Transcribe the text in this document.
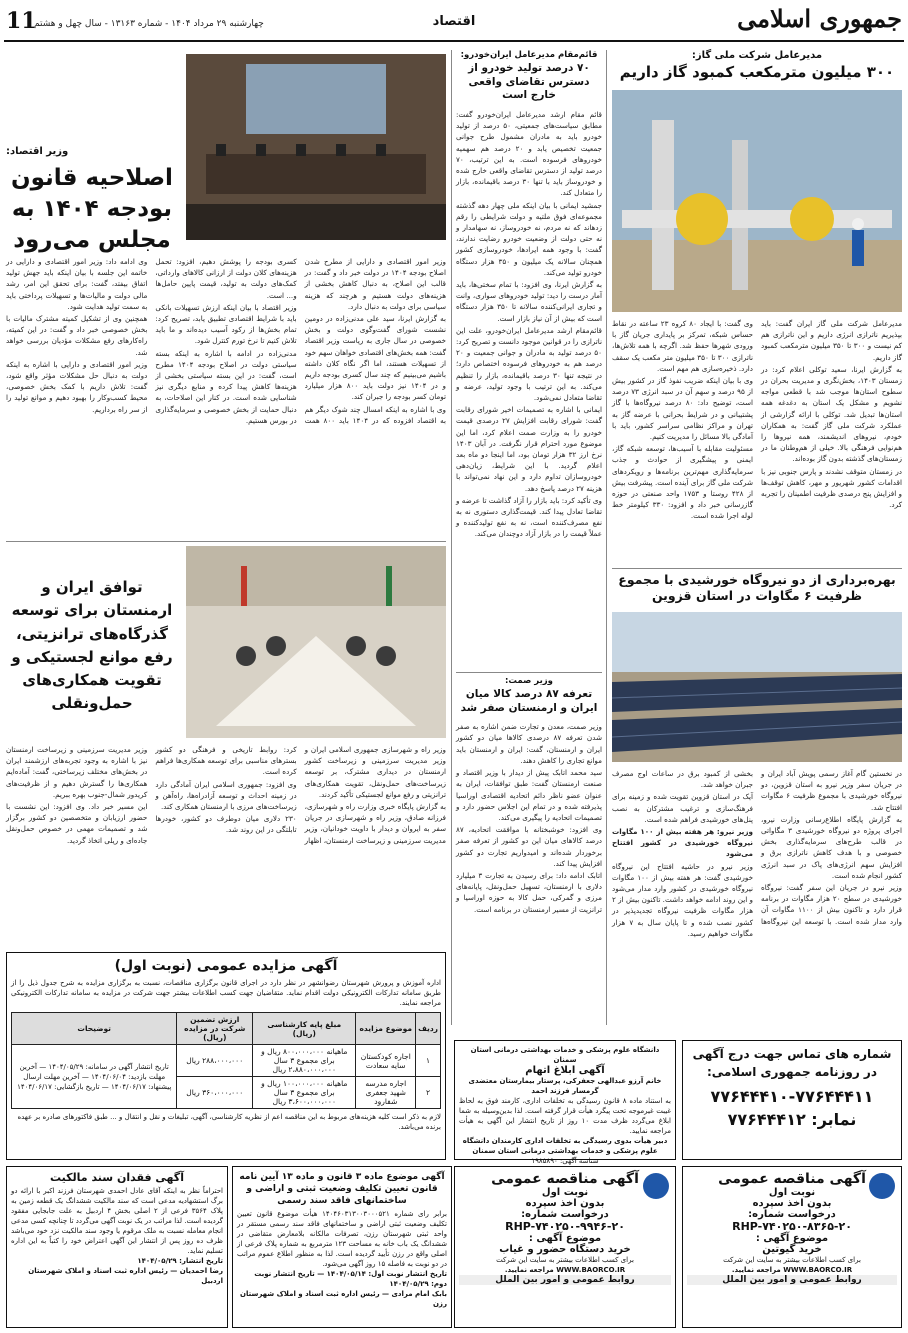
جمهوری اسلامی
اقتصاد
چهارشنبه ۲۹ مرداد ۱۴۰۴ - شماره ۱۳۱۶۳ - سال چهل و هشتم
11
مدیرعامل شرکت ملی گاز:
۳۰۰ میلیون مترمکعب کمبود گاز داریم

مدیرعامل شرکت ملی گاز ایران گفت: باید بپذیریم ناترازی انرژی داریم و این ناترازی هم کم نیست و ۳۰۰ تا ۳۵۰ میلیون مترمکعب کمبود گاز داریم.

به گزارش ایرنا، سعید توکلی اعلام کرد: در زمستان ۱۴۰۳، بخش‌نگری و مدیریت بحران در سطوح استان‌ها موجب شد با قطعی مواجه نشویم و مشکل یک استان به دغدغه همه استان‌ها تبدیل شد. توکلی با ارائه گزارشی از عملکرد شرکت ملی گاز گفت: به همکاران خودم، نیروهای اندیشمند، همه نیروها را هم‌نوایی فرهنگی بالا. خیلی از هم‌وطنان ما در زمستان‌های گذشته بدون گاز بوده‌اند.

در زمستان متوقف نشدند و پارس جنوبی نیز با اقدامات کشور شهریور و مهر، کاهش توقف‌ها و افزایش پنج درصدی ظرفیت اطمینان را تجربه کرد.

وی گفت: با ایجاد ۸۰ کروه ۲۳ ساعته در نقاط حساس شبکه، تمرکز بر پایداری جریان گاز با ورودی شهرها حفظ شد. اگرچه با همه تلاش‌ها، ناترازی ۳۰۰ تا ۳۵۰ میلیون متر مکعب یک سقف دارد. ذخیره‌سازی هم مهم است.

وی با بیان اینکه ضریب نفوذ گاز در کشور بیش از ۹۵ درصد و سهم آن در سبد انرژی ۷۳ درصد است، توضیح داد: ۸۰ درصد نیروگاه‌ها با گاز پشتیبانی و در شرایط بحرانی با عرضه گاز به تهران و مراکز نظامی سراسر کشور، باید با آمادگی بالا مسائل را مدیریت کنیم.

مسئولیت مقابله با آسیب‌ها، توسعه شبکه گاز، ایمنی و پیشگیری از حوادث و جذب سرمایه‌گذاری مهم‌ترین برنامه‌ها و رویکردهای شرکت ملی گاز برای آینده است. پیشرفت بیش از ۴۲۸ روستا و ۱۷۵۳ واحد صنعتی در حوزه گازرسانی خبر داد و افزود: ۳۳۰ کیلومتر خط لوله اجرا شده است.

بهره‌برداری از دو نیروگاه خورشیدی با مجموع ظرفیت ۶ مگاوات در استان قزوین

در نخستین گام آغاز رسمی پویش آباد ایران و در جریان سفر وزیر نیرو به استان قزوین، دو نیروگاه خورشیدی با مجموع ظرفیت ۶ مگاوات افتتاح شد.

به گزارش پایگاه اطلاع‌رسانی وزارت نیرو، اجرای پروژه دو نیروگاه خورشیدی ۳ مگاواتی در قالب طرح‌های سرمایه‌گذاری بخش خصوصی و با هدف کاهش ناترازی برق و افزایش سهم انرژی‌های پاک در سبد انرژی کشور انجام شده است.

وزیر نیرو در جریان این سفر گفت: نیروگاه خورشیدی در سطح ۲۰ هزار مگاوات در برنامه قرار دارد و تاکنون بیش از ۱۱۰۰ مگاوات آن وارد مدار شده است. با توسعه این نیروگاه‌ها بخشی از کمبود برق در ساعات اوج مصرف جبران خواهد شد.

آیک در استان قزوین تقویت شده و زمینه برای فرهنگ‌سازی و ترغیب مشترکان به نصب پنل‌های خورشیدی فراهم شده است.

وزیر نیرو: هر هفته بیش از ۱۰۰ مگاوات نیروگاه خورشیدی در کشور افتتاح می‌شود

وزیر نیرو در حاشیه افتتاح این نیروگاه خورشیدی گفت: هر هفته بیش از ۱۰۰ مگاوات نیروگاه خورشیدی در کشور وارد مدار می‌شود و این روند ادامه خواهد داشت. تاکنون بیش از ۲ هزار مگاوات ظرفیت نیروگاه تجدیدپذیر در کشور نصب شده و تا پایان سال به ۷ هزار مگاوات خواهیم رسید.

قائم‌مقام مدیرعامل ایران‌خودرو:
۷۰ درصد تولید خودرو از دسترس تقاضای واقعی خارج است

قائم مقام ارشد مدیرعامل ایران‌خودرو گفت: مطابق سیاست‌های جمعیتی، ۵۰ درصد از تولید خودرو باید به مادران مشمول طرح جوانی جمعیت تخصیص یابد و ۲۰ درصد هم سهمیه خودروهای فرسوده است. به این ترتیب، ۷۰ درصد تولید از دسترس تقاضای واقعی خارج شده و خودروساز باید با تنها ۳۰ درصد باقیمانده، بازار را متعادل کند.

جمشید ایمانی با بیان اینکه ملی چهار دهه گذشته مجموعه‌ای فوق ملتیه و دولت شرایطی را رقم زدهاند که نه مردم، نه خودروساز، نه سهامدار و نه حتی دولت از وضعیت خودرو رضایت ندارند، گفت: با وجود همه ایرادها، خودروسازی کشور همچنان سالانه یک میلیون و ۳۵۰ هزار دستگاه خودرو تولید می‌کند.

به گزارش ایرنا، وی افزود: با تمام سختی‌ها، باید آمار درست را دید: تولید خودروهای سواری، وانت و تجاری ایرانی‌کننده سالانه تا ۳۵۰ هزار دستگاه است که بیش از آن نیاز بازار است.

قائم‌مقام ارشد مدیرعامل ایران‌خودرو، علت این ناترازی را در قوانین موجود دانست و تصریح کرد: ۵۰ درصد تولید به مادران و جوانی جمعیت و ۲۰ درصد هم به خودروهای فرسوده اختصاص دارد؛ در نتیجه تنها ۳۰ درصد باقیمانده، بازار را تنظیم می‌کند. به این ترتیب با وجود تولید، عرضه و تقاضا متعادل نمی‌شود.

ایمانی با اشاره به تصمیمات اخیر شورای رقابت گفت: شورای رقابت افزایش ۲۷ درصدی قیمت خودرو را به وزارت صمت اعلام کرد، اما این موضوع مورد احترام قرار نگرفت. در آبان ۱۴۰۳ نرخ ارز ۳۲ هزار تومان بود، اما اینجا دو ماه بعد اعلام گردید. با این شرایط، زیان‌دهی خودروسازان تداوم دارد و این نهاد نمی‌تواند با هزینه ۲۷ درصد پاسخ دهد.

وی تأکید کرد: باید بازار را آزاد گذاشت تا عرضه و تقاضا تعادل پیدا کند. قیمت‌گذاری دستوری نه به نفع مصرف‌کننده است، نه به نفع تولیدکننده و عملاً قیمت را در بازار آزاد دوچندان می‌کند.

وزیر صمت:
تعرفه ۸۷ درصد کالا میان ایران و ارمنستان صفر شد

وزیر صمت، معدن و تجارت ضمن اشاره به صفر شدن تعرفه ۸۷ درصدی کالاها میان دو کشور ایران و ارمنستان، گفت: ایران و ارمنستان باید موانع تجاری را کاهش دهند.

سید محمد اتابک پیش از دیدار با وزیر اقتصاد و صنعت ارمنستان گفت: طبق توافقات، ایران به عنوان عضو ناظر دائم اتحادیه اقتصادی اوراسیا پذیرفته شده و در تمام این اجلاس حضور دارد و تصمیمات اتحادیه را پیگیری می‌کند.

وی افزود: خوشبختانه با موافقت اتحادیه، ۸۷ درصد کالاهای میان این دو کشور از تعرفه صفر برخوردار شده‌اند و امیدواریم تجارت دو کشور افزایش پیدا کند.

اتابک ادامه داد: برای رسیدن به تجارت ۳ میلیارد دلاری با ارمنستان، تسهیل حمل‌ونقل، پایانه‌های مرزی و گمرکی، حمل کالا به حوزه اوراسیا و ترانزیت از مسیر ارمنستان در برنامه است.

وزیر اقتصاد:
اصلاحیه قانون بودجه ۱۴۰۴ به مجلس می‌رود

وزیر امور اقتصادی و دارایی از مطرح شدن اصلاح بودجه ۱۴۰۴ در دولت خبر داد و گفت: در قالب این اصلاح، به دنبال کاهش بخشی از هزینه‌های دولت هستیم و هرچند که هزینه سیاسی برای دولت به دنبال دارد.

به گزارش ایرنا، سید علی مدنی‌زاده در دومین نشست شورای گفت‌وگوی دولت و بخش خصوصی در سال جاری به ریاست وزیر اقتصاد گفت: همه بخش‌های اقتصادی خواهان سهم خود از تسهیلات هستند، اما اگر نگاه کلان داشته باشیم می‌بینیم که چند سال کسری بودجه داریم و در ۱۴۰۴ نیز دولت باید ۸۰۰ هزار میلیارد تومان کسر بودجه را جبران کند.

وی با اشاره به اینکه امسال چند شوک دیگر هم به اقتصاد افزوده که در ۱۴۰۴ باید ۸۰۰ همت کسری بودجه را پوشش دهیم، افزود: تحمل هزینه‌های کلان دولت از ارزانی کالاهای وارداتی، کمک‌های دولت به تولید، قیمت پایین حامل‌ها و... است.

وزیر اقتصاد با بیان اینکه ارزش تسهیلات بانکی باید با شرایط اقتصادی تطبیق یابد، تصریح کرد: تمام بخش‌ها از رکود آسیب دیده‌اند و ما باید تلاش کنیم تا نرخ تورم کنترل شود.

مدنی‌زاده در ادامه با اشاره به اینکه بسته سیاستی دولت در اصلاح بودجه ۱۴۰۴ مطرح است، گفت: در این بسته سیاستی بخشی از هزینه‌ها کاهش پیدا کرده و منابع دیگری نیز شناسایی شده است. در کنار این اصلاحات، به دنبال حمایت از بخش خصوصی و سرمایه‌گذاری در بورس هستیم.

وی ادامه داد: وزیر امور اقتصادی و دارایی در خاتمه این جلسه با بیان اینکه باید جهش تولید اتفاق بیفتد، گفت: برای تحقق این امر، رشد مالی دولت و مالیات‌ها و تسهیلات پرداختی باید به سمت تولید هدایت شود.

همچنین وی از تشکیل کمیته مشترک مالیات با بخش خصوصی خبر داد و گفت: در این کمیته، راه‌کارهای رفع مشکلات مؤدیان بررسی خواهد شد.

وزیر امور اقتصادی و دارایی با اشاره به اینکه دولت به دنبال حل مشکلات مؤثر واقع شود، گفت: تلاش داریم با کمک بخش خصوصی، محیط کسب‌وکار را بهبود دهیم و موانع تولید را از سر راه برداریم.

توافق ایران و ارمنستان برای توسعه گذرگاه‌های ترانزیتی، رفع موانع لجستیکی و تقویت همکاری‌های حمل‌ونقلی

وزیر راه و شهرسازی جمهوری اسلامی ایران و وزیر مدیریت سرزمینی و زیرساخت کشور ارمنستان در دیداری مشترک، بر توسعه زیرساخت‌های حمل‌ونقل، تقویت همکاری‌های ترانزیتی و رفع موانع لجستیکی تأکید کردند.

به گزارش پایگاه خبری وزارت راه و شهرسازی، فرزانه صادق، وزیر راه و شهرسازی در جریان سفر به ایروان و دیدار با داویت خودانیان، وزیر مدیریت سرزمینی و زیرساخت ارمنستان، اظهار کرد: روابط تاریخی و فرهنگی دو کشور بسترهای مناسبی برای توسعه همکاری‌ها فراهم کرده است.

وی افزود: جمهوری اسلامی ایران آمادگی دارد در زمینه احداث و توسعه آزادراه‌ها، راه‌آهن و زیرساخت‌های مرزی با ارمنستان همکاری کند.

۲۳۰ دلاری میان دوطرف دو کشور، خودرها تابلتگی در این روند شد.

وزیر مدیریت سرزمینی و زیرساخت ارمنستان نیز با اشاره به وجود تجربه‌های ارزشمند ایران در بخش‌های مختلف زیرساختی، گفت: آماده‌ایم همکاری‌ها را گسترش دهیم و از ظرفیت‌های کریدور شمال-جنوب بهره ببریم.

این مسیر خبر داد. وی افزود: این نشست با حضور ارزیابان و متخصصین دو کشور برگزار شد و تصمیمات مهمی در خصوص حمل‌ونقل جاده‌ای و ریلی اتخاذ گردید.

آگهی مزایده عمومی (نوبت اول)
اداره آموزش و پرورش شهرستان رضوانشهر در نظر دارد در اجرای قانون برگزاری مناقصات، نسبت به برگزاری مزایده به شرح جدول ذیل را از طریق سامانه تدارکات الکترونیکی دولت اقدام نماید. متقاضیان جهت کسب اطلاعات بیشتر جهت شرکت در مزایده به سامانه تدارکات الکترونیکی مراجعه نمایند.
ردیف	موضوع مزایده	مبلغ پایه کارشناسی (ریال)	ارزش تضمین شرکت در مزایده (ریال)	توضیحات
۱	اجاره کودکستان سایه سعادت	ماهیانه ۸۰۰،۰۰۰،۰۰۰ ریال و برای مجموع ۳ سال ۲،۸۸۰،۰۰۰،۰۰۰ ریال	۲۸۸،۰۰۰،۰۰۰ ریال	تاریخ انتشار آگهی در سامانه: ۱۴۰۴/۰۵/۲۹ — آخرین مهلت بازدید: ۱۴۰۴/۰۶/۰۴ — آخرین مهلت ارسال پیشنهاد: ۱۴۰۴/۰۶/۱۷ — تاریخ بازگشایی: ۱۴۰۴/۰۶/۱۷
۲	اجاره مدرسه شهید جعفری شفارود	ماهیانه ۱۰۰،۰۰۰،۰۰۰ ریال و برای مجموع ۳ سال ۳،۶۰۰،۰۰۰،۰۰۰ ریال	۳۶۰،۰۰۰،۰۰۰ ریال	
لازم به ذکر است کلیه هزینه‌های مربوط به این مناقصه اعم از نظریه کارشناسی، آگهی، تبلیغات و نقل و انتقال و ... طبق فاکتورهای صادره بر عهده برنده می‌باشد.
شماره های تماس جهت درج آگهی
در روزنامه جمهوری اسلامی:
۷۷۶۴۴۴۱۰-۷۷۶۴۴۴۱۱
نمابر: ۷۷۶۴۴۴۱۲
دانشگاه علوم پزشکی و خدمات بهداشتی درمانی استان سمنان
آگهی ابلاغ اتهام
خانم آرزو عبدالهی جعفرکی، پرستار بیمارستان معتضدی گرمسار فرزند احمد
به استناد ماده ۸ قانون رسیدگی به تخلفات اداری، کارمند فوق به لحاظ غیبت غیرموجه تحت پیگرد هیأت قرار گرفته است. لذا بدین‌وسیله به شما ابلاغ می‌گردد ظرف مدت ۱۰ روز از تاریخ انتشار این آگهی به هیأت مراجعه نمایید.
دبیر هیأت بدوی رسیدگی به تخلفات اداری کارمندان دانشگاه علوم پزشکی و خدمات بهداشتی درمانی استان سمنان
شناسه آگهی: ۱۹۸۵۸۹۰
آگهی مناقصه عمومی
نوبت اول
بدون اخذ سپرده
درخواست شماره:
RHP-۷۴۰۲۵۰-۸۳۶۵-۲۰
موضوع آگهی :
خرید گیوتین
برای کسب اطلاعات بیشتر به سایت این شرکت
WWW.BAORCO.IR مراجعه نمایید.
روابط عمومی و امور بین الملل
آگهی مناقصه عمومی
نوبت اول
بدون اخذ سپرده
درخواست شماره:
RHP-۷۴۰۲۵۰-۹۹۴۶-۲۰
موضوع آگهی :
خرید دستگاه حضور و غیاب
برای کسب اطلاعات بیشتر به سایت این شرکت
WWW.BAORCO.IR مراجعه نمایید.
روابط عمومی و امور بین الملل
آگهی موضوع ماده ۳ قانون و ماده ۱۳ آیین نامه قانون تعیین تکلیف وضعیت ثبتی و اراضی و ساختمانهای فاقد سند رسمی
برابر رای شماره ۱۴۰۴۶۰۳۱۳۰۰۳۰۰۰۵۲۱ هیأت موضوع قانون تعیین تکلیف وضعیت ثبتی اراضی و ساختمانهای فاقد سند رسمی مستقر در واحد ثبتی شهرستان رزن، تصرفات مالکانه بلامعارض متقاضی در ششدانگ یک باب خانه به مساحت ۱۲۳ مترمربع به شماره پلاک فرعی از اصلی واقع در رزن تأیید گردیده است. لذا به منظور اطلاع عموم مراتب در دو نوبت به فاصله ۱۵ روز آگهی می‌شود.
تاریخ انتشار نوبت اول: ۱۴۰۴/۰۵/۱۴ — تاریخ انتشار نوبت دوم: ۱۴۰۴/۰۵/۲۹
بابک امام مرادی — رئیس اداره ثبت اسناد و املاک شهرستان رزن
آگهی فقدان سند مالکیت
احتراماً نظر به اینکه آقای عادل احمدی شهرستان فرزند اکبر با ارائه دو برگ استشهادیه مدعی است که سند مالکیت ششدانگ یک قطعه زمین به پلاک ۳۵۶۴ فرعی از ۲ اصلی بخش ۴ اردبیل به علت جابجایی مفقود گردیده است. لذا مراتب در یک نوبت آگهی می‌گردد تا چنانچه کسی مدعی انجام معامله نسبت به ملک مرقوم یا وجود سند مالکیت نزد خود می‌باشد ظرف ده روز پس از انتشار این آگهی اعتراض خود را کتباً به این اداره تسلیم نماید.
تاریخ انتشار: ۱۴۰۴/۰۵/۲۹
رضا احمدیان — رئیس اداره ثبت اسناد و املاک شهرستان اردبیل
